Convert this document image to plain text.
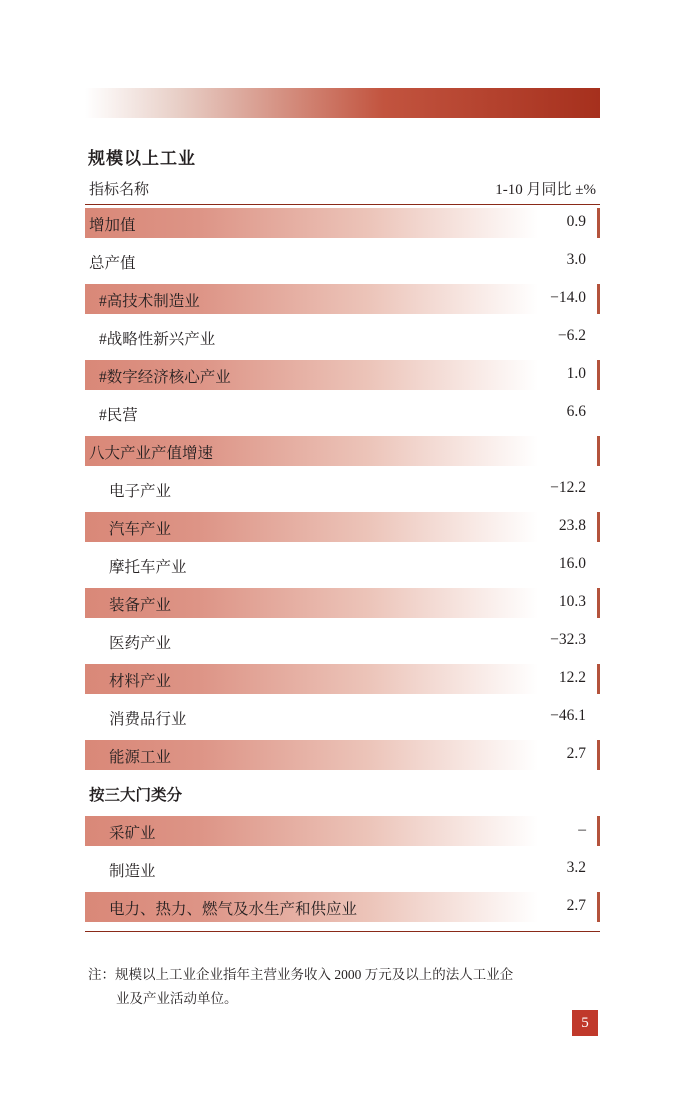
工业
规模以上工业
指标名称	1-10 月同比 ±%
增加值	0.9
总产值	3.0
#高技术制造业	−14.0
#战略性新兴产业	−6.2
#数字经济核心产业	1.0
#民营	6.6
八大产业产值增速
电子产业	−12.2
汽车产业	23.8
摩托车产业	16.0
装备产业	10.3
医药产业	−32.3
材料产业	12.2
消费品行业	−46.1
能源工业	2.7
按三大门类分
采矿业	–
制造业	3.2
电力、热力、燃气及水生产和供应业	2.7
注：规模以上工业企业指年主营业务收入 2000 万元及以上的法人工业企
业及产业活动单位。
5
